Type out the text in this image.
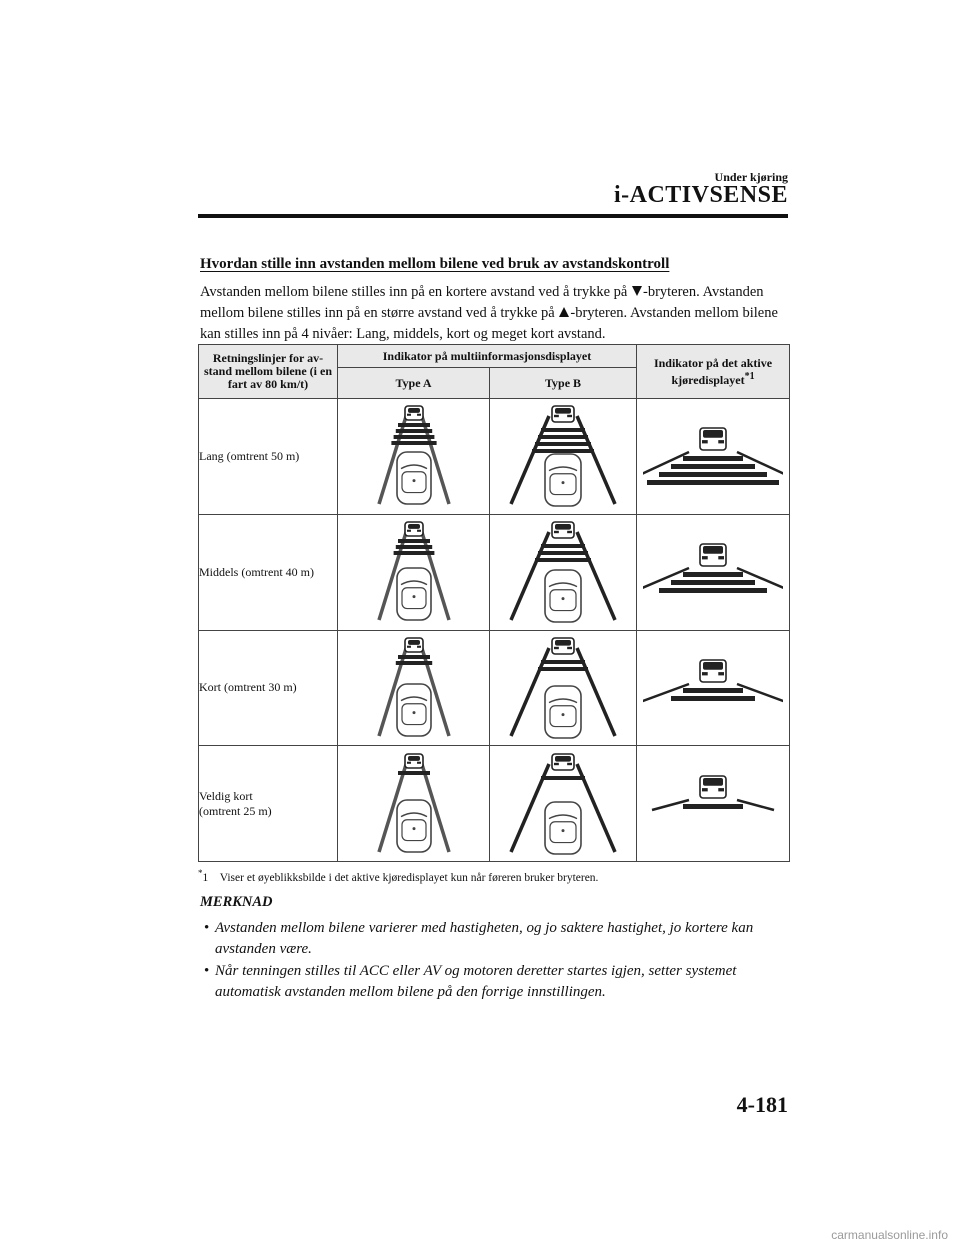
Under kjøring
i-ACTIVSENSE
Hvordan stille inn avstanden mellom bilene ved bruk av avstandskontroll
Avstanden mellom bilene stilles inn på en kortere avstand ved å trykke på -bryteren. Avstanden mellom bilene stilles inn på en større avstand ved å trykke på -bryteren. Avstanden mellom bilene kan stilles inn på 4 nivåer: Lang, middels, kort og meget kort avstand.
Retningslinjer for av-stand mellom bilene (i en fart av 80 km/t)	Indikator på multiinformasjonsdisplayet		Indikator på det aktive kjøredisplayet$^{*1}$
	Type A	Type B	
Lang (omtrent 50 m)	

Middels (omtrent 40 m)	

Kort (omtrent 30 m)	

Veldig kort
(omtrent 25 m)	

*1 Viser et øyeblikksbilde i det aktive kjøredisplayet kun når føreren bruker bryteren.
MERKNAD
• Avstanden mellom bilene varierer med hastigheten, og jo saktere hastighet, jo kortere kan avstanden være.
• Når tenningen stilles til ACC eller AV og motoren deretter startes igjen, setter systemet automatisk avstanden mellom bilene på den forrige innstillingen.
4-181
carmanualsonline.info
